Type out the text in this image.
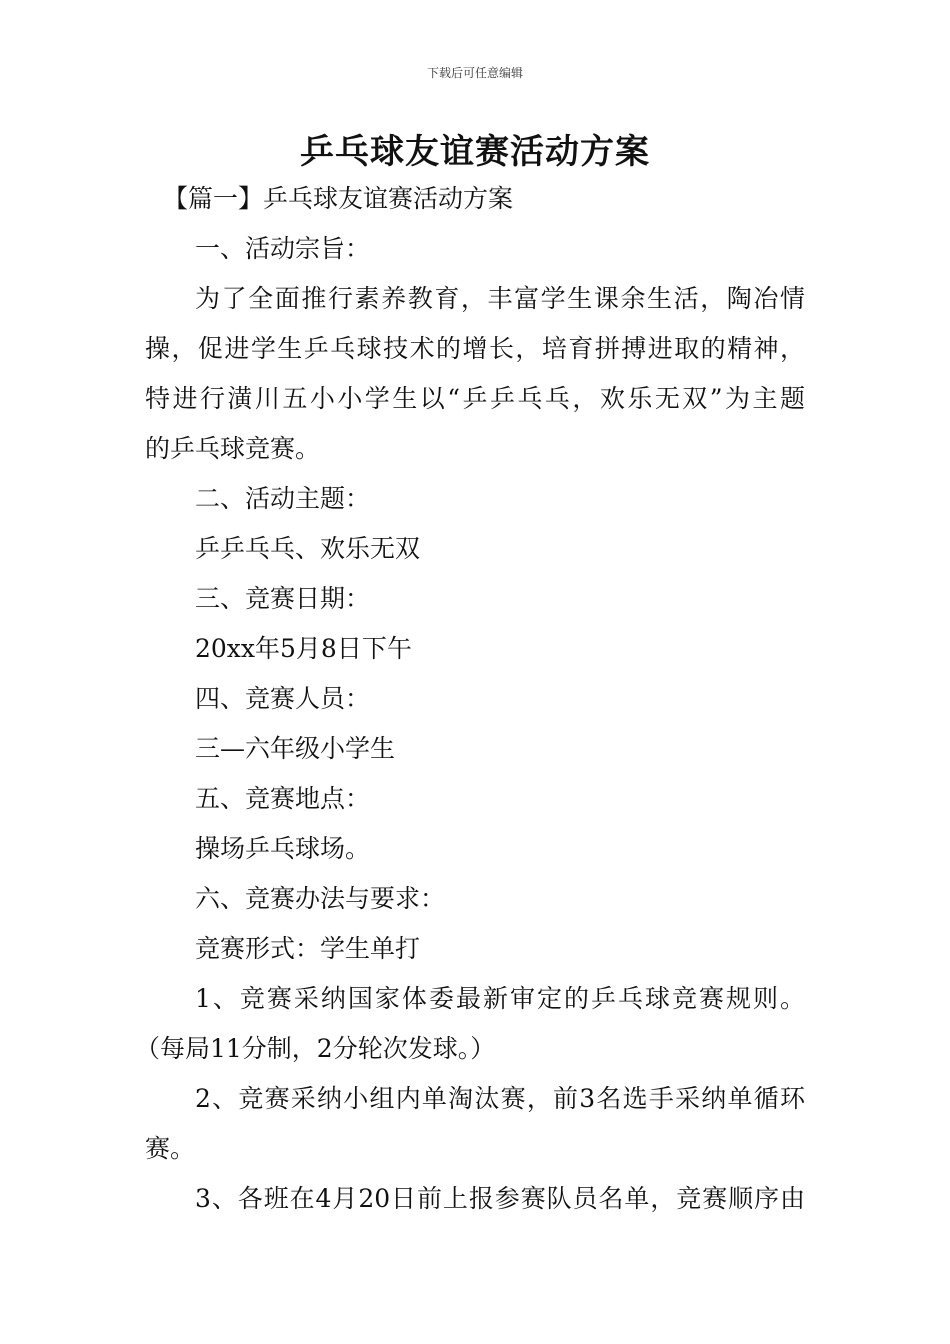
下载后可任意编辑
乒乓球友谊赛活动方案
【篇一】乒乓球友谊赛活动方案
一、活动宗旨：
为了全面推行素养教育，丰富学生课余生活，陶冶情
操，促进学生乒乓球技术的增长，培育拼搏进取的精神，
特进行潢川五小小学生以“乒乒乓乓，欢乐无双”为主题
的乒乓球竞赛。
二、活动主题：
乒乒乓乓、欢乐无双
三、竞赛日期：
20xx年5月8日下午
四、竞赛人员：
三—六年级小学生
五、竞赛地点：
操场乒乓球场。
六、竞赛办法与要求：
竞赛形式：学生单打
1、竞赛采纳国家体委最新审定的乒乓球竞赛规则。
（每局11分制，2分轮次发球。）
2、竞赛采纳小组内单淘汰赛，前3名选手采纳单循环
赛。
3、各班在4月20日前上报参赛队员名单，竞赛顺序由
